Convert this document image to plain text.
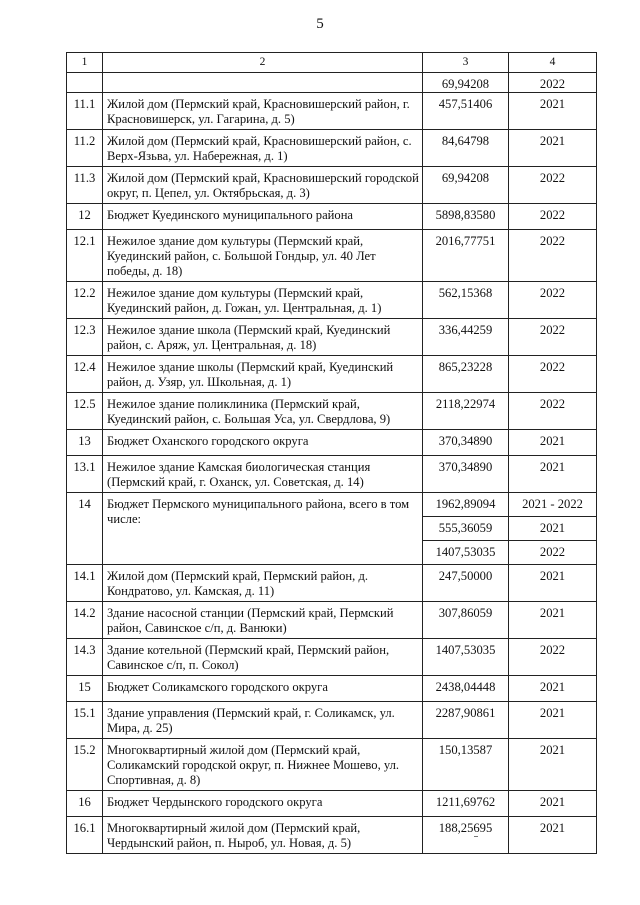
5
1	2	3	4
		69,94208	2022
11.1	Жилой дом (Пермский край, Красновишерский район, г. Красновишерск, ул. Гагарина, д. 5)	457,51406	2021
11.2	Жилой дом (Пермский край, Красновишерский район, с. Верх-Язьва, ул. Набережная, д. 1)	84,64798	2021
11.3	Жилой дом (Пермский край, Красновишерский городской округ, п. Цепел, ул. Октябрьская, д. 3)	69,94208	2022
12	Бюджет Куединского муниципального района	5898,83580	2022
12.1	Нежилое здание дом культуры (Пермский край, Куединский район, с. Большой Гондыр, ул. 40 Лет победы, д. 18)	2016,77751	2022
12.2	Нежилое здание дом культуры (Пермский край, Куединский район, д. Гожан, ул. Центральная, д. 1)	562,15368	2022
12.3	Нежилое здание школа (Пермский край, Куединский район, с. Аряж, ул. Центральная, д. 18)	336,44259	2022
12.4	Нежилое здание школы (Пермский край, Куединский район, д. Узяр, ул. Школьная, д. 1)	865,23228	2022
12.5	Нежилое здание поликлиника (Пермский край, Куединский район, с. Большая Уса, ул. Свердлова, 9)	2118,22974	2022
13	Бюджет Оханского городского округа	370,34890	2021
13.1	Нежилое здание Камская биологическая станция (Пермский край, г. Оханск, ул. Советская, д. 14)	370,34890	2021
14	Бюджет Пермского муниципального района, всего в том числе:	1962,89094	2021 - 2022
		555,36059	2021
		1407,53035	2022
14.1	Жилой дом (Пермский край, Пермский район, д. Кондратово, ул. Камская, д. 11)	247,50000	2021
14.2	Здание насосной станции (Пермский край, Пермский район, Савинское с/п, д. Ванюки)	307,86059	2021
14.3	Здание котельной (Пермский край, Пермский район, Савинское с/п, п. Сокол)	1407,53035	2022
15	Бюджет Соликамского городского округа	2438,04448	2021
15.1	Здание управления (Пермский край, г. Соликамск, ул. Мира, д. 25)	2287,90861	2021
15.2	Многоквартирный жилой дом (Пермский край, Соликамский городской округ, п. Нижнее Мошево, ул. Спортивная, д. 8)	150,13587	2021
16	Бюджет Чердынского городского округа	1211,69762	2021
16.1	Многоквартирный жилой дом (Пермский край, Чердынский район, п. Ныроб, ул. Новая, д. 5)	188,25695	2021
